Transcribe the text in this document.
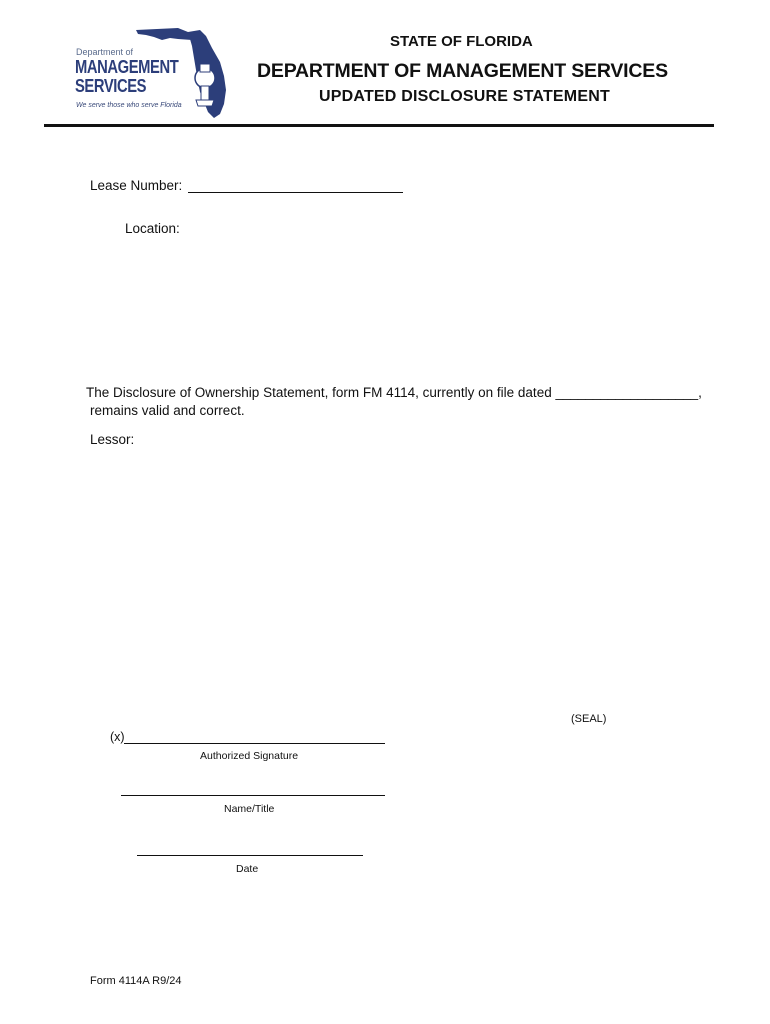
Department of
MANAGEMENT
SERVICES
We serve those who serve Florida
STATE OF FLORIDA
DEPARTMENT OF MANAGEMENT SERVICES
UPDATED DISCLOSURE STATEMENT
Lease Number:
Location:
The Disclosure of Ownership Statement, form FM 4114, currently on file dated ___________________,
remains valid and correct.
Lessor:
(SEAL)
(x)
Authorized Signature
Name/Title
Date
Form 4114A R9/24
